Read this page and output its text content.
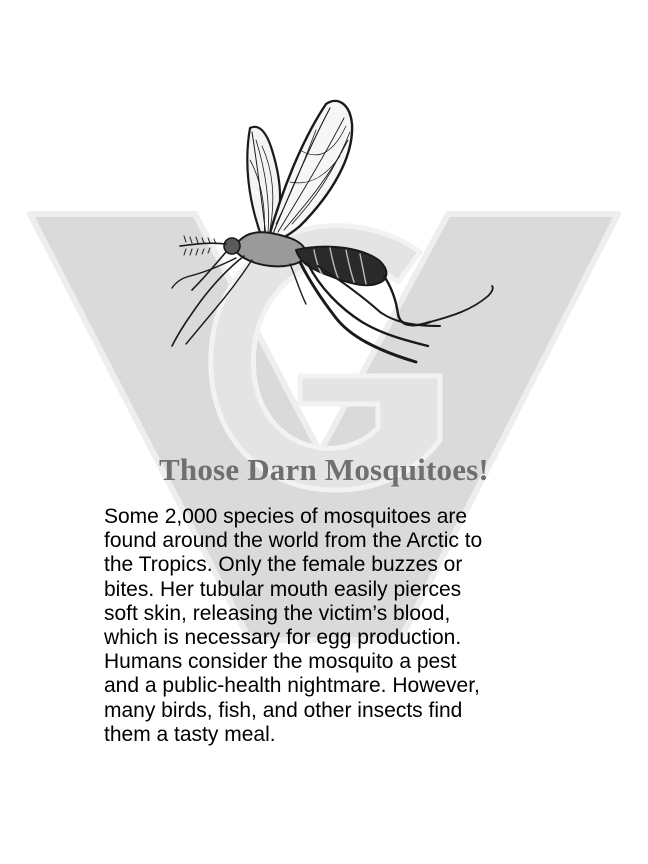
Those Darn Mosquitoes!

Some 2,000 species of mosquitoes are
found around the world from the Arctic to
the Tropics. Only the female buzzes or
bites. Her tubular mouth easily pierces
soft skin, releasing the victim’s blood,
which is necessary for egg production.
Humans consider the mosquito a pest
and a public-health nightmare. However,
many birds, fish, and other insects find
them a tasty meal.
